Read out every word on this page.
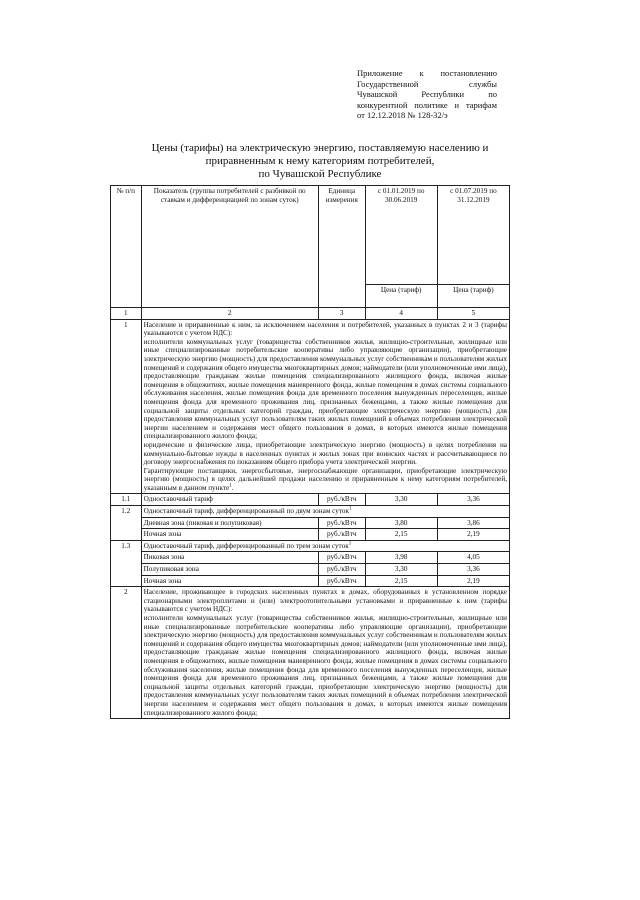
Приложение к постановлению
Государственной службы
Чувашской Республики по
конкурентной политике и тарифам
от 12.12.2018 № 128-32/э
Цены (тарифы) на электрическую энергию, поставляемую населению и
приравненным к нему категориям потребителей,
по Чувашской Республике
№ п/п	Показатель (группы потребителей с разбивкой по ставкам и дифференциацией по зонам суток)	Единица измерения	с 01.01.2019 по 30.06.2019	с 01.07.2019 по 31.12.2019
			Цена (тариф)	Цена (тариф)
1	2	3	4	5
1	Население и приравненные к ним, за исключением населения и потребителей, указанных в пунктах 2 и 3 (тарифы указываются с учетом НДС):

исполнители коммунальных услуг (товарищества собственников жилья, жилищно-строительные, жилищные или иные специализированные потребительские кооперативы либо управляющие организации), приобретающие электрическую энергию (мощность) для предоставления коммунальных услуг собственникам и пользователям жилых помещений и содержания общего имущества многоквартирных домов; наймодатели (или уполномоченные ими лица), предоставляющие гражданам жилые помещения специализированного жилищного фонда, включая жилые помещения в общежитиях, жилые помещения маневренного фонда, жилые помещения в домах системы социального обслуживания населения, жилые помещения фонда для временного поселения вынужденных переселенцев, жилые помещения фонда для временного проживания лиц, признанных беженцами, а также жилые помещения для социальной защиты отдельных категорий граждан, приобретающие электрическую энергию (мощность) для предоставления коммунальных услуг пользователям таких жилых помещений в объемах потребления электрической энергии населением и содержания мест общего пользования в домах, в которых имеются жилые помещения специализированного жилого фонда;

юридические и физические лица, приобретающие электрическую энергию (мощность) в целях потребления на коммунально-бытовые нужды в населенных пунктах и жилых зонах при воинских частях и рассчитывающиеся по договору энергоснабжения по показаниям общего прибора учета электрической энергии.

Гарантирующие поставщики, энергосбытовые, энергоснабжающие организации, приобретающие электрическую энергию (мощность) в целях дальнейшей продажи населению и приравненным к нему категориям потребителей, указанным в данном пункте$^1$.			

1.1	Одноставочный тариф	руб./кВтч	3,30	3,36
1.2	Одноставочный тариф, дифференцированный по двум зонам суток$^1$
	Дневная зона (пиковая и полупиковая)	руб./кВтч	3,80	3,86
	Ночная зона	руб./кВтч	2,15	2,19
1.3	Одноставочный тариф, дифференцированный по трем зонам суток$^1$
	Пиковая зона	руб./кВтч	3,98	4,05
	Полупиковая зона	руб./кВтч	3,30	3,36
	Ночная зона	руб./кВтч	2,15	2,19
2	Население, проживающее в городских населенных пунктах в домах, оборудованных в установленном порядке стационарными электроплитами и (или) электроотопительными установками и приравненные к ним (тарифы указываются с учетом НДС):

исполнители коммунальных услуг (товарищества собственников жилья, жилищно-строительные, жилищные или иные специализированные потребительские кооперативы либо управляющие организации), приобретающие электрическую энергию (мощность) для предоставления коммунальных услуг собственникам и пользователям жилых помещений и содержания общего имущества многоквартирных домов; наймодатели (или уполномоченные ими лица), предоставляющие гражданам жилые помещения специализированного жилищного фонда, включая жилые помещения в общежитиях, жилые помещения маневренного фонда, жилые помещения в домах системы социального обслуживания населения, жилые помещения фонда для временного поселения вынужденных переселенцев, жилые помещения фонда для временного проживания лиц, признанных беженцами, а также жилые помещения для социальной защиты отдельных категорий граждан, приобретающие электрическую энергию (мощность) для предоставления коммунальных услуг пользователям таких жилых помещений в объемах потребления электрической энергии населением и содержания мест общего пользования в домах, в которых имеются жилые помещения специализированного жилого фонда;			
